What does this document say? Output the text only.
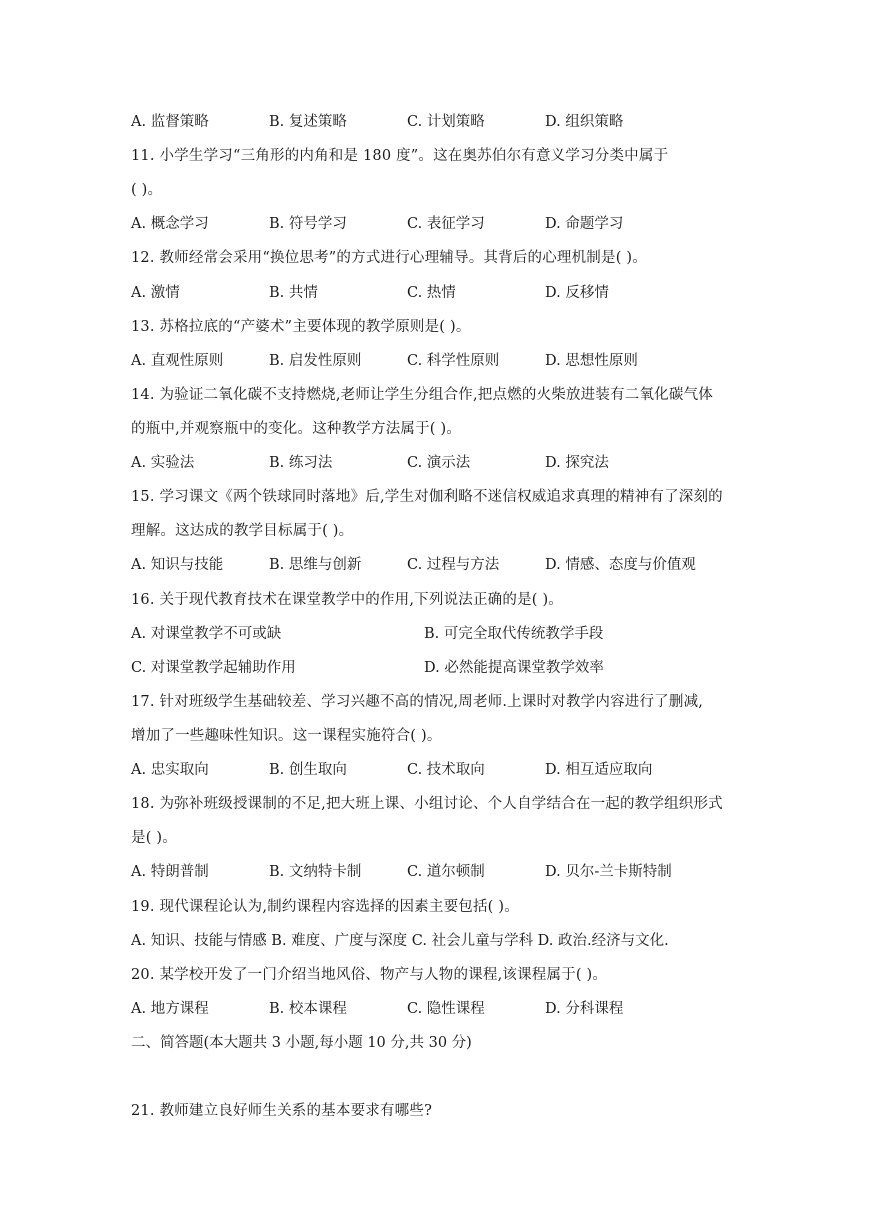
A. 监督策略	B. 复述策略	C. 计划策略	D. 组织策略
11. 小学生学习“三角形的内角和是 180 度”。这在奥苏伯尔有意义学习分类中属于
( )。
A. 概念学习	B. 符号学习	C. 表征学习	D. 命题学习
12. 教师经常会采用“换位思考”的方式进行心理辅导。其背后的心理机制是( )。
A. 激情	B. 共情	C. 热情	D. 反移情
13. 苏格拉底的“产婆术”主要体现的教学原则是( )。
A. 直观性原则	B. 启发性原则	C. 科学性原则	D. 思想性原则
14. 为验证二氧化碳不支持燃烧,老师让学生分组合作,把点燃的火柴放进装有二氧化碳气体
的瓶中,并观察瓶中的变化。这种教学方法属于( )。
A. 实验法	B. 练习法	C. 演示法	D. 探究法
15. 学习课文《两个铁球同时落地》后,学生对伽利略不迷信权威追求真理的精神有了深刻的
理解。这达成的教学目标属于( )。
A. 知识与技能	B. 思维与创新	C. 过程与方法	D. 情感、态度与价值观
16. 关于现代教育技术在课堂教学中的作用,下列说法正确的是( )。
A. 对课堂教学不可或缺	B. 可完全取代传统教学手段
C. 对课堂教学起辅助作用	D. 必然能提高课堂教学效率
17. 针对班级学生基础较差、学习兴趣不高的情况,周老师.上课时对教学内容进行了删减,
增加了一些趣味性知识。这一课程实施符合( )。
A. 忠实取向	B. 创生取向	C. 技术取向	D. 相互适应取向
18. 为弥补班级授课制的不足,把大班上课、小组讨论、个人自学结合在一起的教学组织形式
是( )。
A. 特朗普制	B. 文纳特卡制	C. 道尔顿制	D. 贝尔-兰卡斯特制
19. 现代课程论认为,制约课程内容选择的因素主要包括( )。
A. 知识、技能与情感 B. 难度、广度与深度 C. 社会儿童与学科 D. 政治.经济与文化.
20. 某学校开发了一门介绍当地风俗、物产与人物的课程,该课程属于( )。
A. 地方课程	B. 校本课程	C. 隐性课程	D. 分科课程
二、简答题(本大题共 3 小题,每小题 10 分,共 30 分)
21. 教师建立良好师生关系的基本要求有哪些?
